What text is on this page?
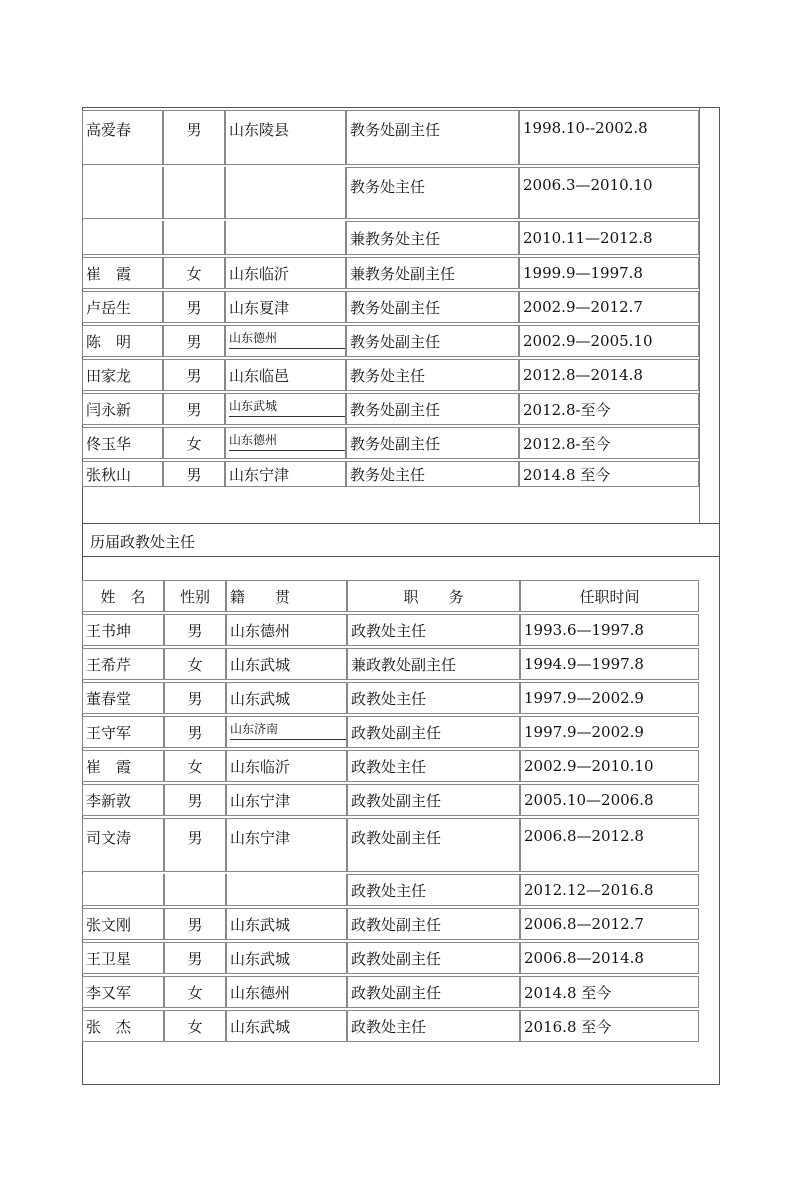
高爱春	男	山东陵县	教务处副主任	1998.10--2002.8
			教务处主任	2006.3—2010.10
			兼教务处主任	2010.11—2012.8
崔　霞	女	山东临沂	兼教务处副主任	1999.9—1997.8
卢岳生	男	山东夏津	教务处副主任	2002.9—2012.7
陈　明	男	山东德州	教务处副主任	2002.9—2005.10
田家龙	男	山东临邑	教务处主任	2012.8—2014.8
闫永新	男	山东武城	教务处副主任	2012.8-至今
佟玉华	女	山东德州	教务处副主任	2012.8-至今
张秋山	男	山东宁津	教务处主任	2014.8 至今
历届政教处主任
姓　名	性别	籍　　贯	职　　务	任职时间
王书坤	男	山东德州	政教处主任	1993.6—1997.8
王希芹	女	山东武城	兼政教处副主任	1994.9—1997.8
董春堂	男	山东武城	政教处主任	1997.9—2002.9
王守军	男	山东济南	政教处副主任	1997.9—2002.9
崔　霞	女	山东临沂	政教处主任	2002.9—2010.10
李新敦	男	山东宁津	政教处副主任	2005.10—2006.8
司文涛	男	山东宁津	政教处副主任	2006.8—2012.8
			政教处主任	2012.12—2016.8
张文刚	男	山东武城	政教处副主任	2006.8—2012.7
王卫星	男	山东武城	政教处副主任	2006.8—2014.8
李又军	女	山东德州	政教处副主任	2014.8 至今
张　杰	女	山东武城	政教处主任	2016.8 至今
